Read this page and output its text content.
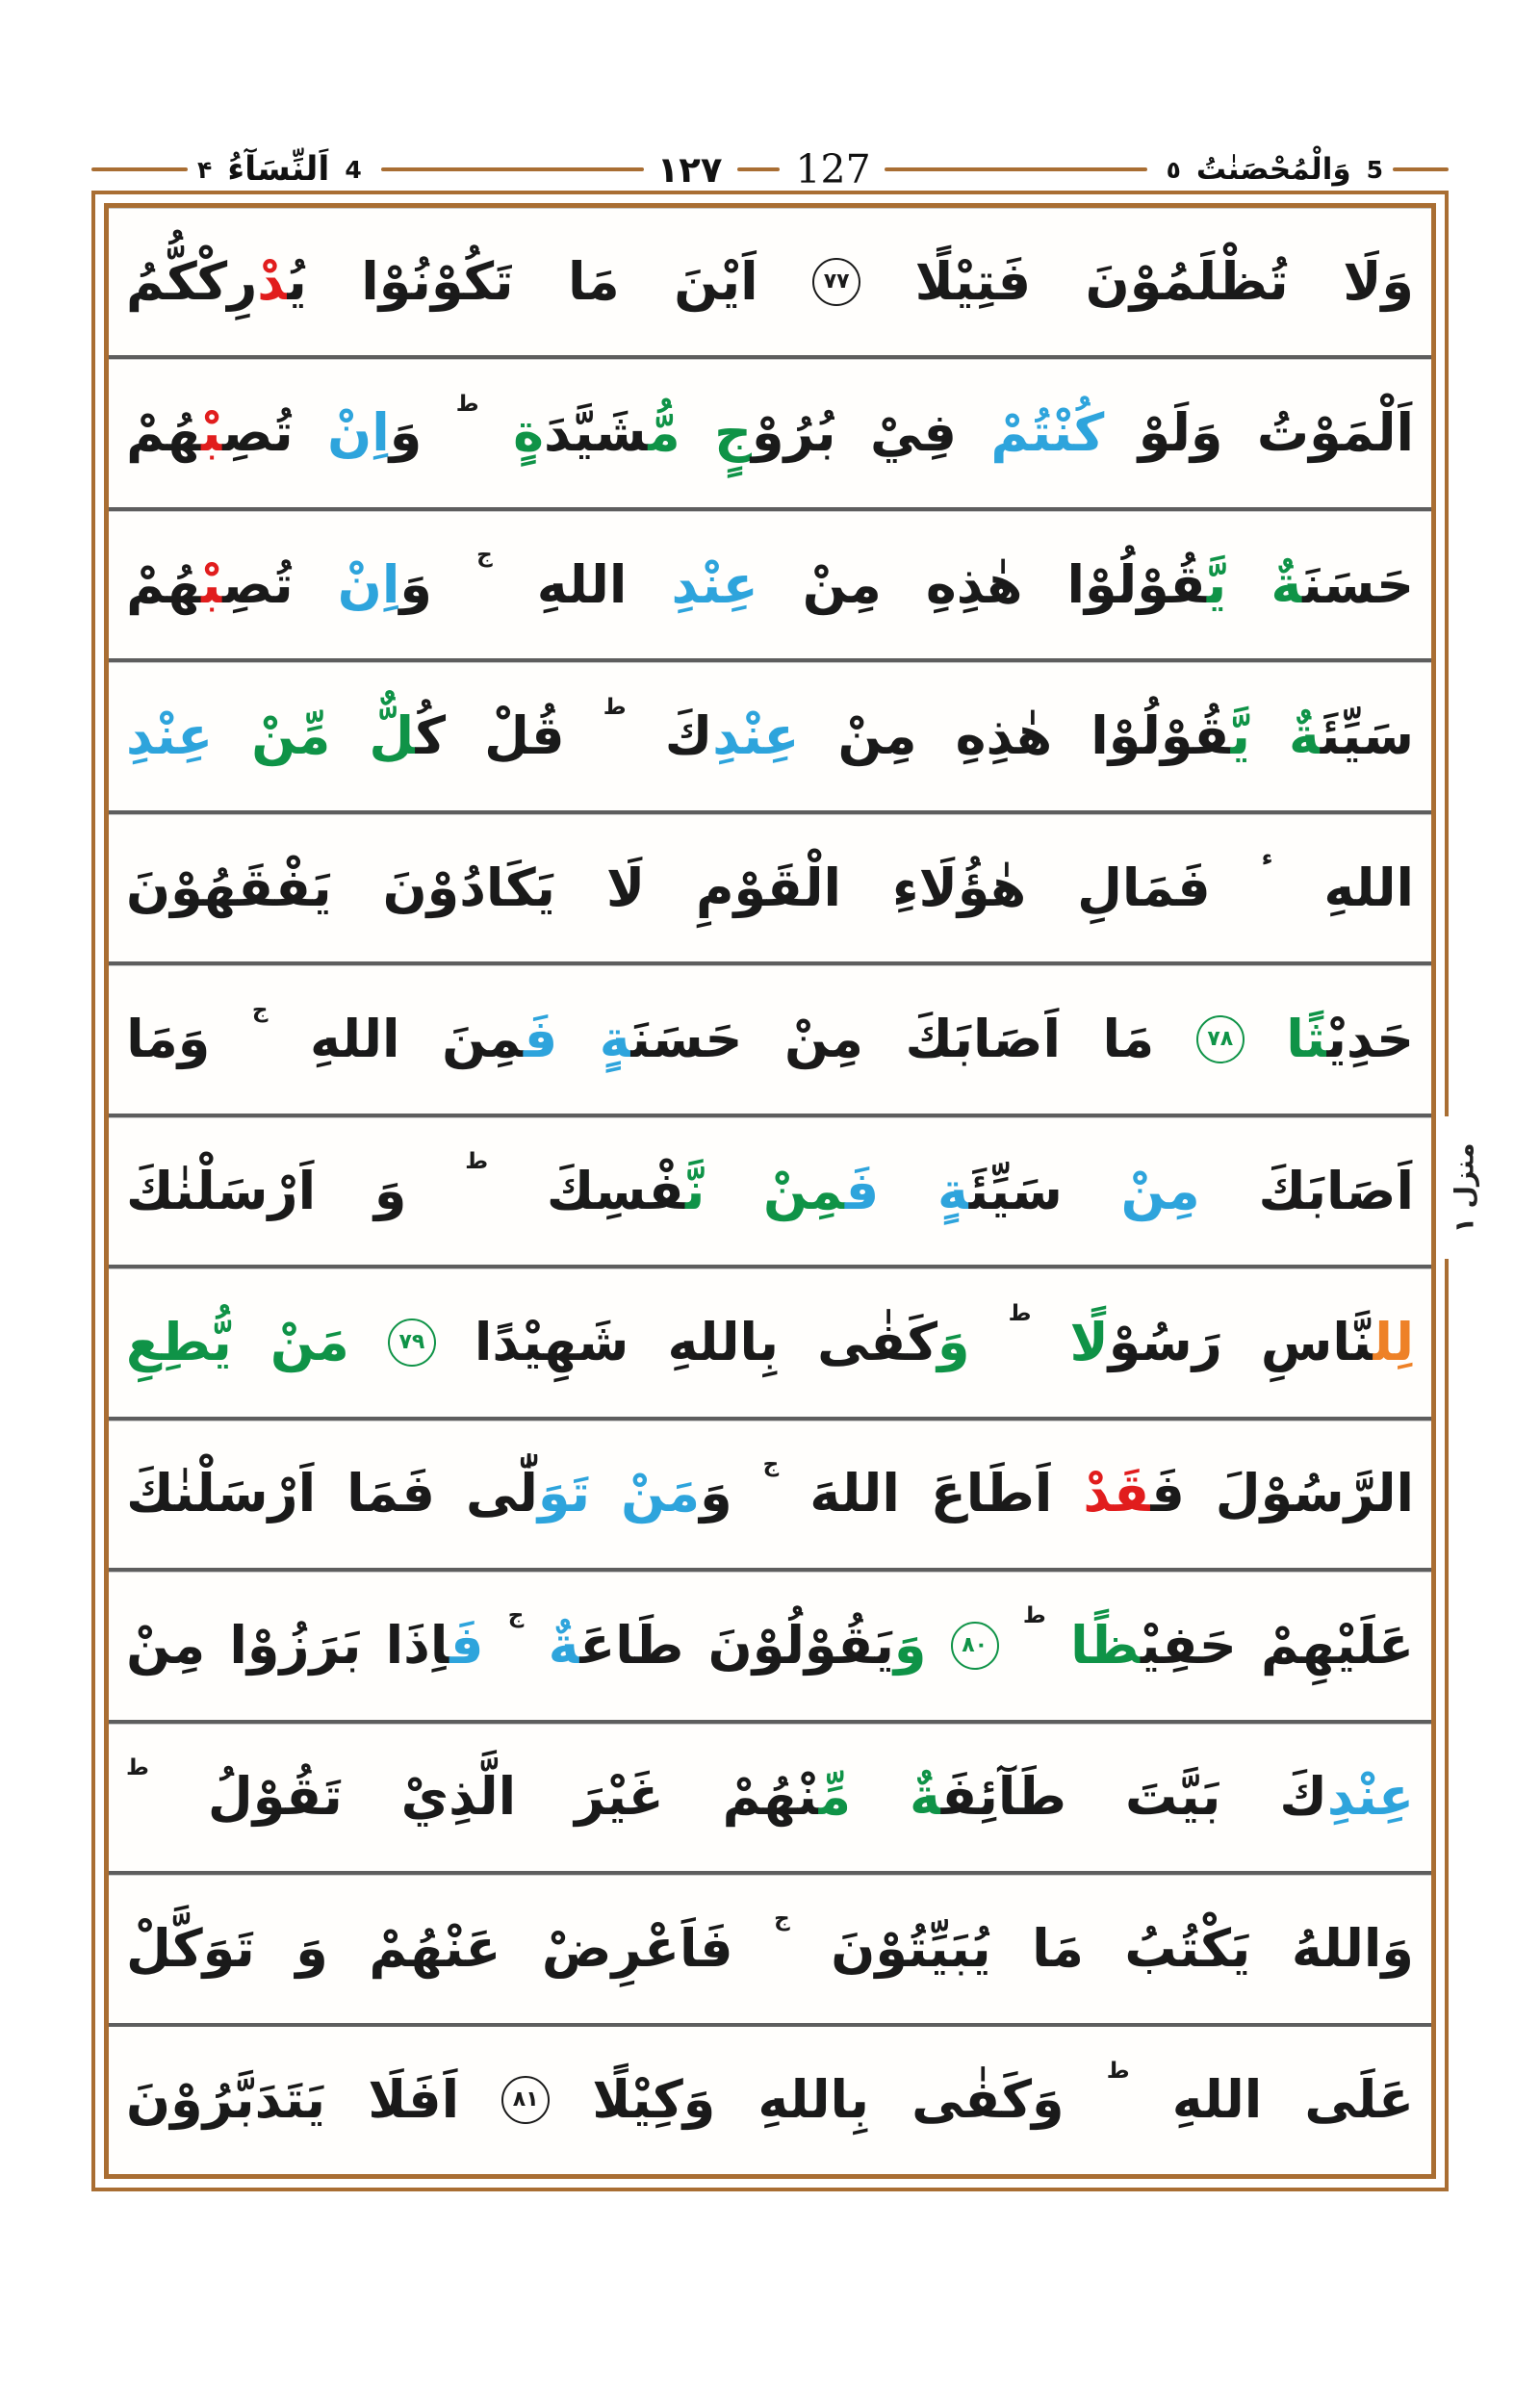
۴ اَلنِّسَآءُ 4	١٢٧ 127	٥ وَالْمُحْصَنٰتُ 5
وَلَا
تُظْلَمُوْنَ
فَتِيْلًا
٧٧
اَيْنَ
مَا
تَكُوْنُوْا
يُدْرِكْكُّمُ
اَلْمَوْتُ
وَلَوْ
كُنْتُمْ
فِيْ
بُرُوْجٍ
مُّشَيَّدَةٍ
ط
وَاِنْ
تُصِبْهُمْ
حَسَنَةٌ
يَّقُوْلُوْا
هٰذِهِ
مِنْ
عِنْدِ
اللهِ
ج
وَاِنْ
تُصِبْهُمْ
سَيِّئَةٌ
يَّقُوْلُوْا
هٰذِهِ
مِنْ
عِنْدِكَ
ط
قُلْ
كُلٌّ
مِّنْ
عِنْدِ
اللهِ
ء
فَمَالِ
هٰؤُلَاءِ
الْقَوْمِ
لَا
يَكَادُوْنَ
يَفْقَهُوْنَ
حَدِيْثًا
٧٨
مَا
اَصَابَكَ
مِنْ
حَسَنَةٍ
فَمِنَ
اللهِ
ج
وَمَا
اَصَابَكَ
مِنْ
سَيِّئَةٍ
فَمِنْ
نَّفْسِكَ
ط
وَ
اَرْسَلْنٰكَ
لِلنَّاسِ
رَسُوْلًا
ط
وَكَفٰى
بِاللهِ
شَهِيْدًا
٧٩
مَنْ
يُّطِعِ
الرَّسُوْلَ
فَقَدْ
اَطَاعَ
اللهَ
ج
وَمَنْ
تَوَلّٰى
فَمَا
اَرْسَلْنٰكَ
عَلَيْهِمْ
حَفِيْظًا
ط
٨٠
وَيَقُوْلُوْنَ
طَاعَةٌ
ج
فَاِذَا
بَرَزُوْا
مِنْ
عِنْدِكَ
بَيَّتَ
طَآئِفَةٌ
مِّنْهُمْ
غَيْرَ
الَّذِيْ
تَقُوْلُ
ط
وَاللهُ
يَكْتُبُ
مَا
يُبَيِّتُوْنَ
ج
فَاَعْرِضْ
عَنْهُمْ
وَ
تَوَكَّلْ
عَلَى
اللهِ
ط
وَكَفٰى
بِاللهِ
وَكِيْلًا
٨١
اَفَلَا
يَتَدَبَّرُوْنَ
منزل ١
